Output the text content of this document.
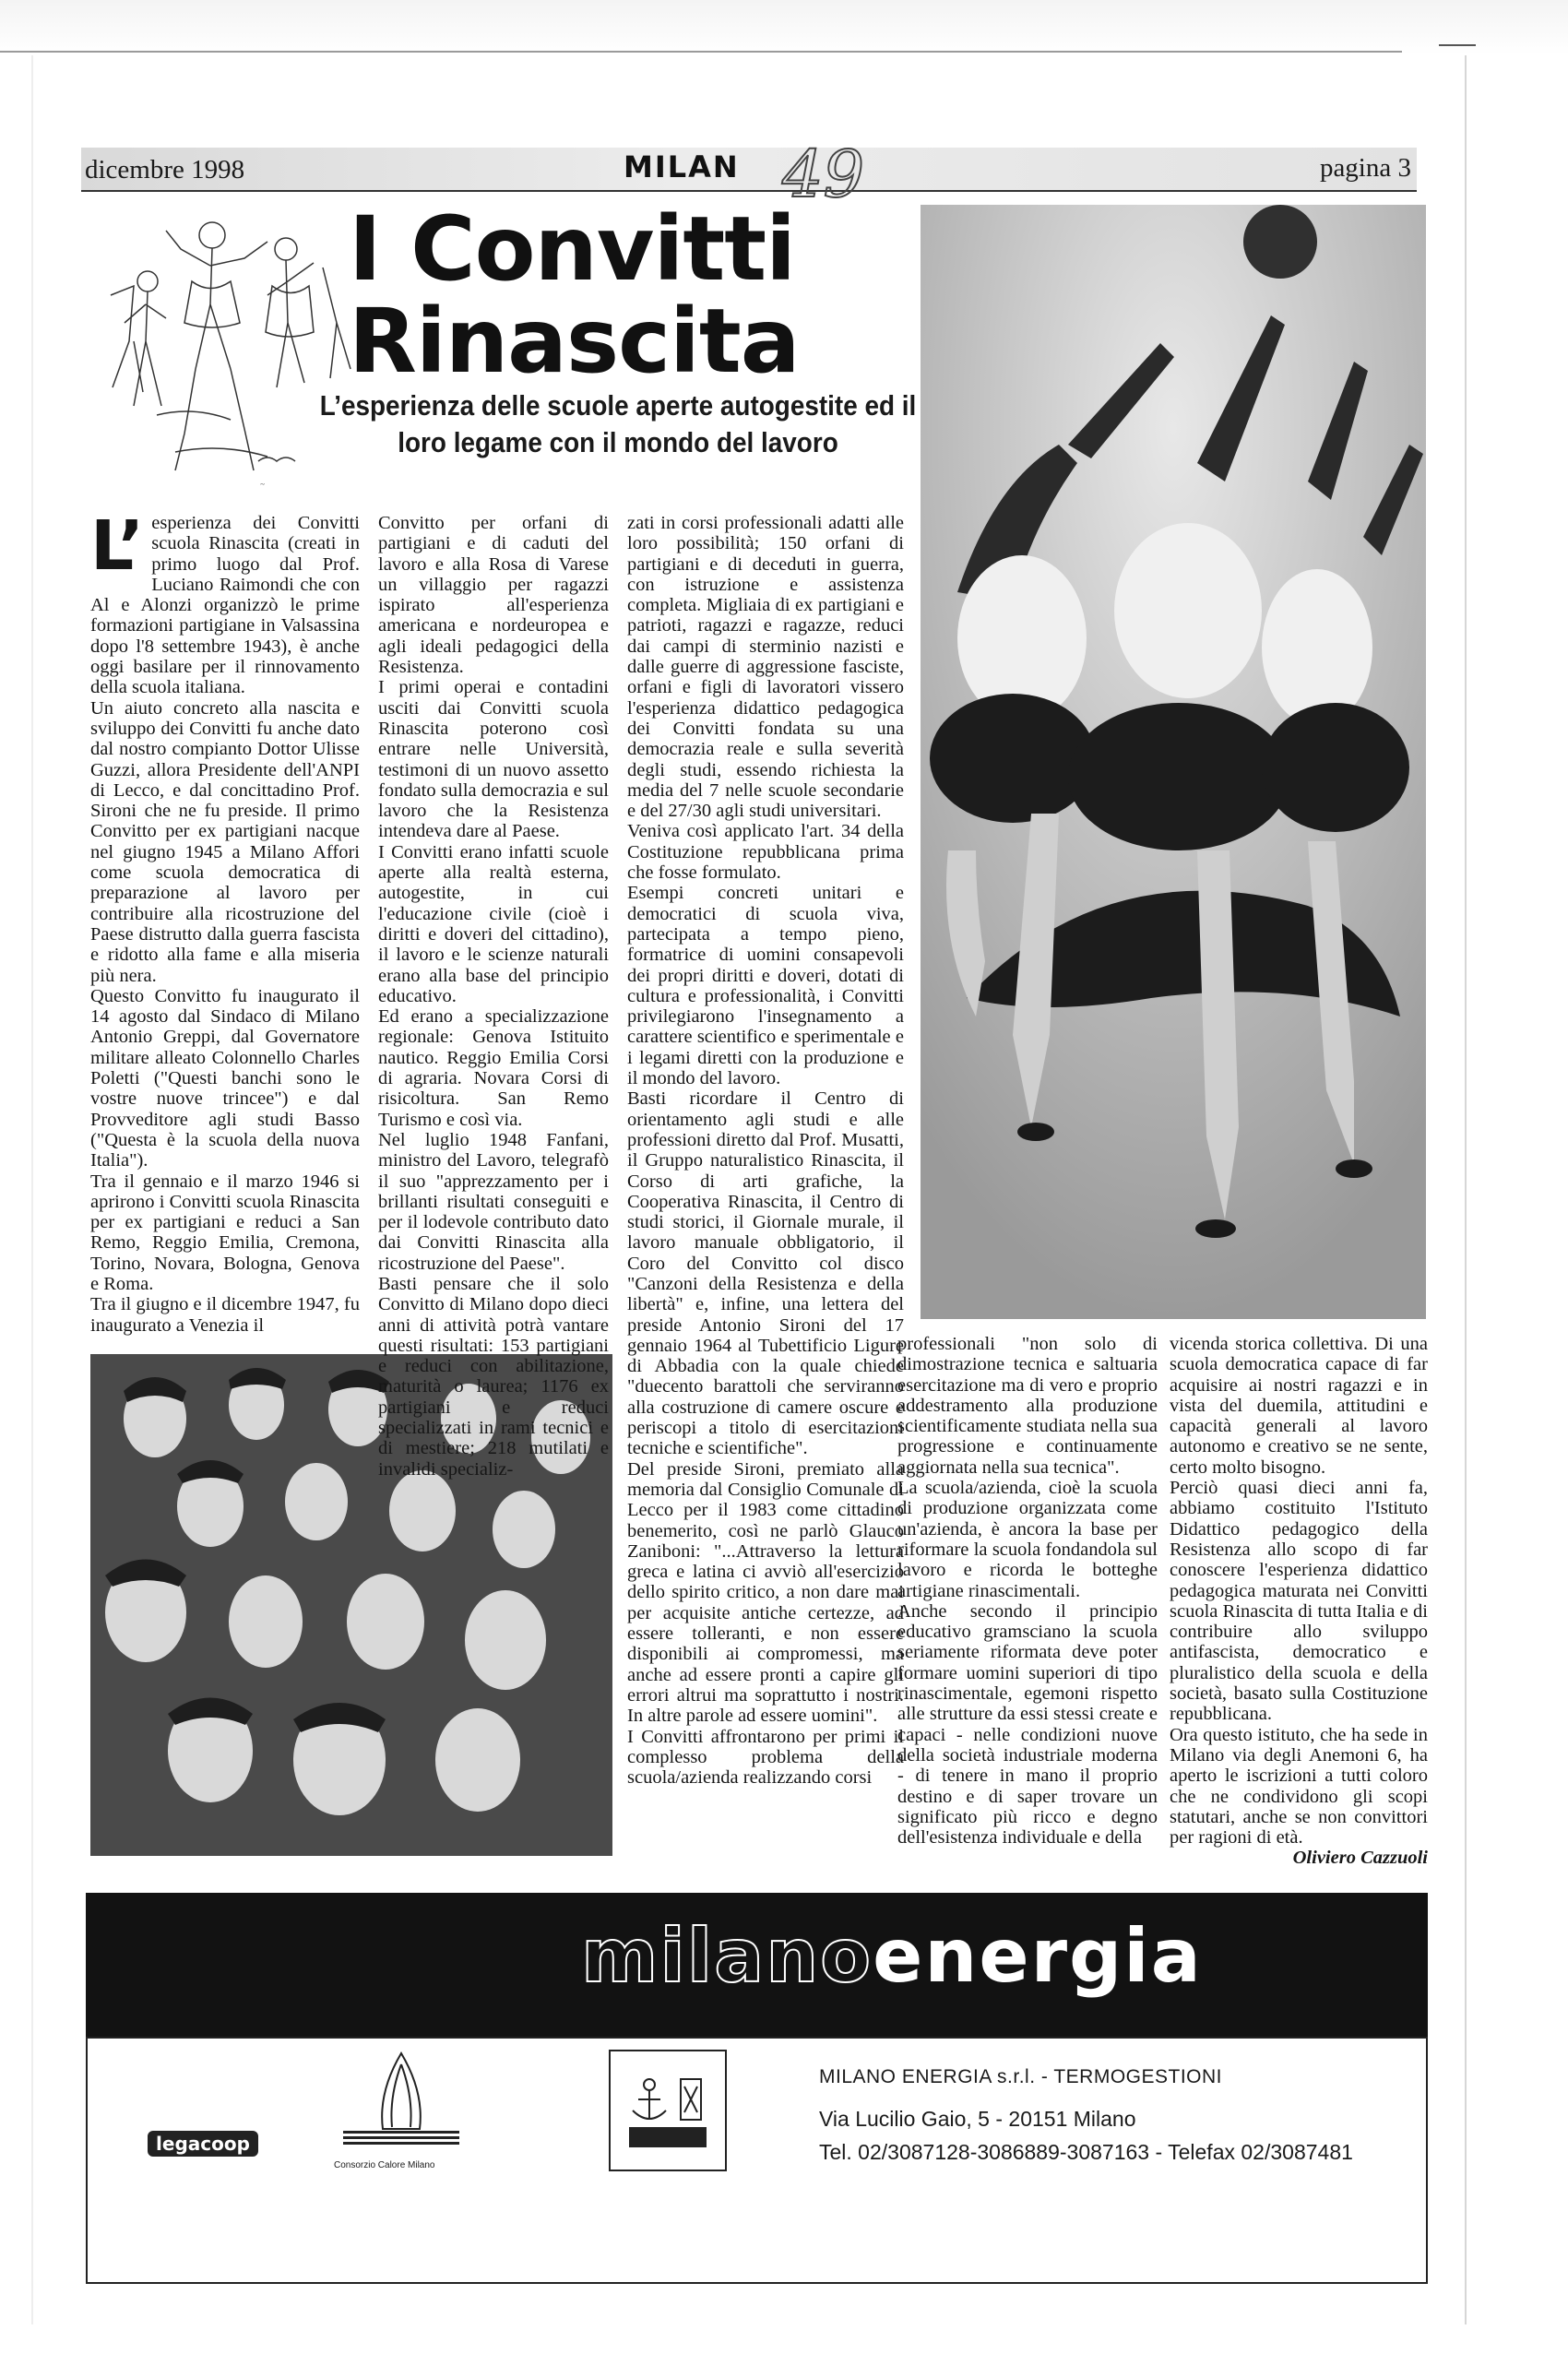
dicembre 1998	MILAN 49	pagina 3
~
I Convitti Rinascita
L’esperienza delle scuole aperte autogestite ed il loro legame con il mondo del lavoro
L’ esperienza dei Convitti scuola Rinascita (creati in primo luogo dal Prof. Luciano Raimondi che con Al e Alonzi organizzò le prime formazioni partigiane in Valsassina dopo l'8 settembre 1943), è anche oggi basilare per il rinnovamento della scuola italiana.

Un aiuto concreto alla nascita e sviluppo dei Convitti fu anche dato dal nostro compianto Dottor Ulisse Guzzi, allora Presidente dell'ANPI di Lecco, e dal concittadino Prof. Sironi che ne fu preside. Il primo Convitto per ex partigiani nacque nel giugno 1945 a Milano Affori come scuola democratica di preparazione al lavoro per contribuire alla ricostruzione del Paese distrutto dalla guerra fascista e ridotto alla fame e alla miseria più nera.

Questo Convitto fu inaugurato il 14 agosto dal Sindaco di Milano Antonio Greppi, dal Governatore militare alleato Colonnello Charles Poletti ("Questi banchi sono le vostre nuove trincee") e dal Provveditore agli studi Basso ("Questa è la scuola della nuova Italia").

Tra il gennaio e il marzo 1946 si aprirono i Convitti scuola Rinascita per ex partigiani e reduci a San Remo, Reggio Emilia, Cremona, Torino, Novara, Bologna, Genova e Roma.

Tra il giugno e il dicembre 1947, fu inaugurato a Venezia il

Convitto per orfani di partigiani e di caduti del lavoro e alla Rosa di Varese un villaggio per ragazzi ispirato all'esperienza americana e nordeuropea e agli ideali pedagogici della Resistenza.

I primi operai e contadini usciti dai Convitti scuola Rinascita poterono così entrare nelle Università, testimoni di un nuovo assetto fondato sulla democrazia e sul lavoro che la Resistenza intendeva dare al Paese.

I Convitti erano infatti scuole aperte alla realtà esterna, autogestite, in cui l'educazione civile (cioè i diritti e doveri del cittadino), il lavoro e le scienze naturali erano alla base del principio educativo.

Ed erano a specializzazione regionale: Genova Istituito nautico. Reggio Emilia Corsi di agraria. Novara Corsi di risicoltura. San Remo Turismo e così via.

Nel luglio 1948 Fanfani, ministro del Lavoro, telegrafò il suo "apprezzamento per i brillanti risultati conseguiti e per il lodevole contributo dato dai Convitti Rinascita alla ricostruzione del Paese".

Basti pensare che il solo Convitto di Milano dopo dieci anni di attività potrà vantare questi risultati: 153 partigiani e reduci con abilitazione, maturità o laurea; 1176 ex partigiani e reduci specializzati in rami tecnici e di mestiere; 218 mutilati e invalidi specializ-

zati in corsi professionali adatti alle loro possibilità; 150 orfani di partigiani e di deceduti in guerra, con istruzione e assistenza completa. Migliaia di ex partigiani e patrioti, ragazzi e ragazze, reduci dai campi di sterminio nazisti e dalle guerre di aggressione fasciste, orfani e figli di lavoratori vissero l'esperienza didattico pedagogica dei Convitti fondata su una democrazia reale e sulla severità degli studi, essendo richiesta la media del 7 nelle scuole secondarie e del 27/30 agli studi universitari.

Veniva così applicato l'art. 34 della Costituzione repubblicana prima che fosse formulato.

Esempi concreti unitari e democratici di scuola viva, partecipata a tempo pieno, formatrice di uomini consapevoli dei propri diritti e doveri, dotati di cultura e professionalità, i Convitti privilegiarono l'insegnamento a carattere scientifico e sperimentale e i legami diretti con la produzione e il mondo del lavoro.

Basti ricordare il Centro di orientamento agli studi e alle professioni diretto dal Prof. Musatti, il Gruppo naturalistico Rinascita, il Corso di arti grafiche, la Cooperativa Rinascita, il Centro di studi storici, il Giornale murale, il lavoro manuale obbligatorio, il Coro del Convitto col disco "Canzoni della Resistenza e della libertà" e, infine, una lettera del preside Antonio Sironi del 17 gennaio 1964 al Tubettificio Ligure di Abbadia con la quale chiede "duecento barattoli che serviranno alla costruzione di camere oscure e periscopi a titolo di esercitazioni tecniche e scientifiche".

Del preside Sironi, premiato alla memoria dal Consiglio Comunale di Lecco per il 1983 come cittadino benemerito, così ne parlò Glauco Zaniboni: "...Attraverso la lettura greca e latina ci avviò all'esercizio dello spirito critico, a non dare mai per acquisite antiche certezze, ad essere tolleranti, e non essere disponibili ai compromessi, ma anche ad essere pronti a capire gli errori altrui ma soprattutto i nostri. In altre parole ad essere uomini".

I Convitti affrontarono per primi il complesso problema della scuola/azienda realizzando corsi

professionali "non solo di dimostrazione tecnica e saltuaria esercitazione ma di vero e proprio addestramento alla produzione scientificamente studiata nella sua progressione e continuamente aggiornata nella sua tecnica".

La scuola/azienda, cioè la scuola di produzione organizzata come un'azienda, è ancora la base per riformare la scuola fondandola sul lavoro e ricorda le botteghe artigiane rinascimentali.

Anche secondo il principio educativo gramsciano la scuola seriamente riformata deve poter formare uomini superiori di tipo rinascimentale, egemoni rispetto alle strutture da essi stessi create e capaci - nelle condizioni nuove della società industriale moderna - di tenere in mano il proprio destino e di saper trovare un significato più ricco e degno dell'esistenza individuale e della

vicenda storica collettiva. Di una scuola democratica capace di far acquisire ai nostri ragazzi e in vista del duemila, attitudini e capacità generali al lavoro autonomo e creativo se ne sente, certo molto bisogno.

Perciò quasi dieci anni fa, abbiamo costituito l'Istituto Didattico pedagogico della Resistenza allo scopo di far conoscere l'esperienza didattico pedagogica maturata nei Convitti scuola Rinascita di tutta Italia e di contribuire allo sviluppo antifascista, democratico e pluralistico della scuola e della società, basato sulla Costituzione repubblicana.

Ora questo istituto, che ha sede in Milano via degli Anemoni 6, ha aperto le iscrizioni a tutti coloro che ne condividono gli scopi statutari, anche se non convittori per ragioni di età.

Oliviero Cazzuoli

milanoenergia
legacoop
Consorzio Calore Milano
MILANO ENERGIA s.r.l. - TERMOGESTIONI
Via Lucilio Gaio, 5 - 20151 Milano
Tel. 02/3087128-3086889-3087163 - Telefax 02/3087481
